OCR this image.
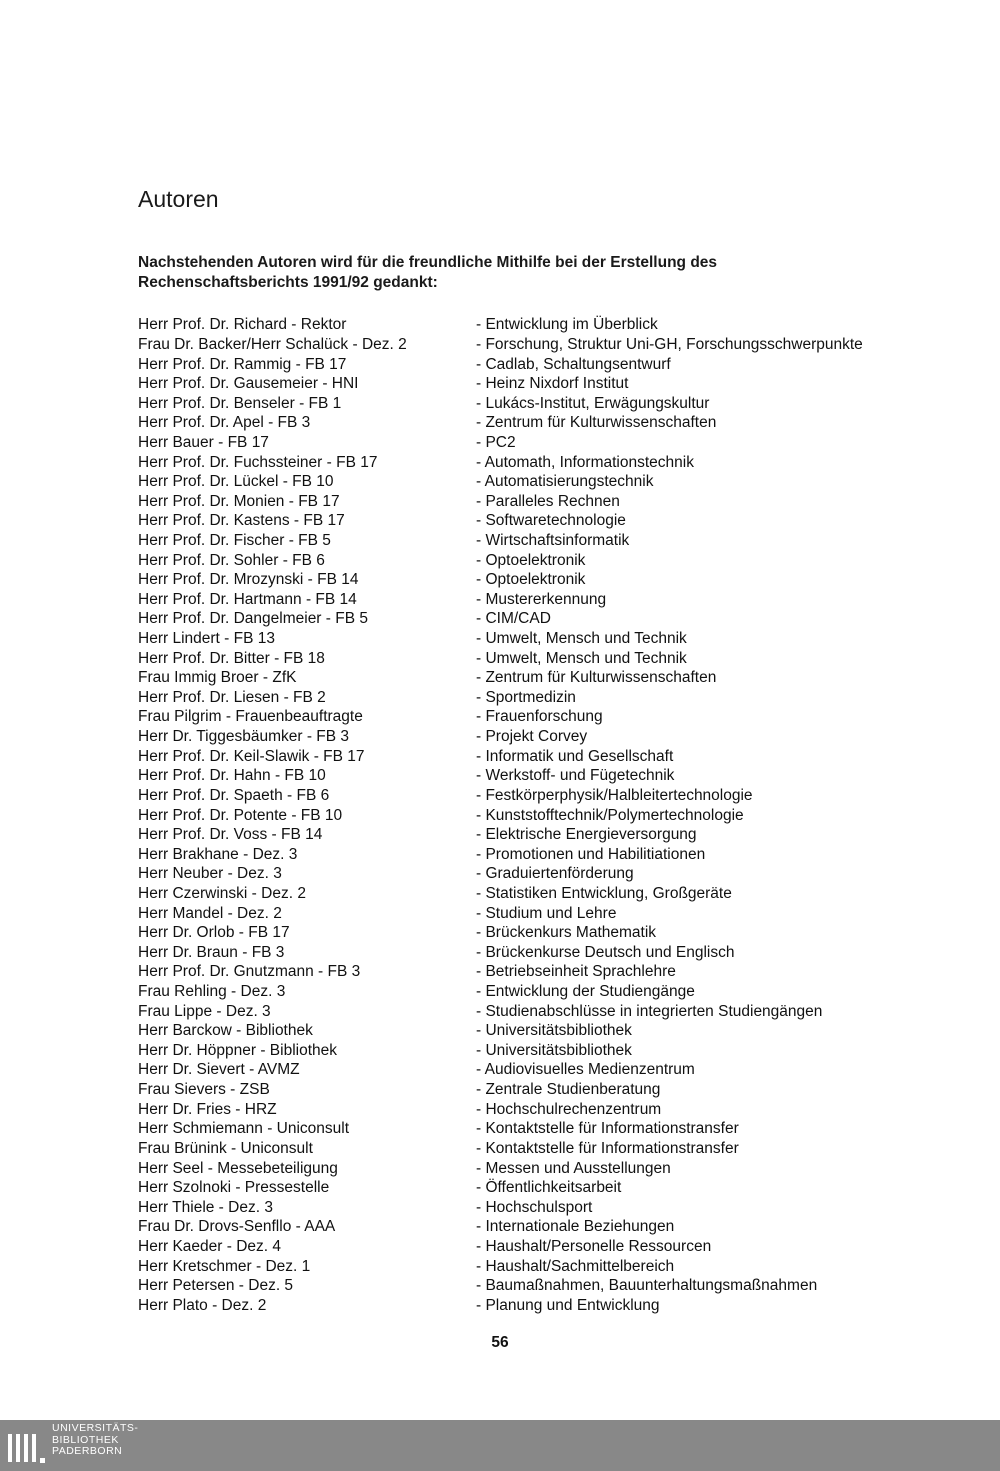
Autoren
Nachstehenden Autoren wird für die freundliche Mithilfe bei der Erstellung des Rechenschaftsberichts 1991/92 gedankt:
Herr Prof. Dr. Richard - Rektor	- Entwicklung im Überblick
Frau Dr. Backer/Herr Schalück - Dez. 2	- Forschung, Struktur Uni-GH, Forschungsschwerpunkte
Herr Prof. Dr. Rammig - FB 17	- Cadlab, Schaltungsentwurf
Herr Prof. Dr. Gausemeier - HNI	- Heinz Nixdorf Institut
Herr Prof. Dr. Benseler - FB 1	- Lukács-Institut, Erwägungskultur
Herr Prof. Dr. Apel - FB 3	- Zentrum für Kulturwissenschaften
Herr Bauer - FB 17	- PC2
Herr Prof. Dr. Fuchssteiner - FB 17	- Automath, Informationstechnik
Herr Prof. Dr. Lückel - FB 10	- Automatisierungstechnik
Herr Prof. Dr. Monien - FB 17	- Paralleles Rechnen
Herr Prof. Dr. Kastens - FB 17	- Softwaretechnologie
Herr Prof. Dr. Fischer - FB 5	- Wirtschaftsinformatik
Herr Prof. Dr. Sohler - FB 6	- Optoelektronik
Herr Prof. Dr. Mrozynski - FB 14	- Optoelektronik
Herr Prof. Dr. Hartmann - FB 14	- Mustererkennung
Herr Prof. Dr. Dangelmeier - FB 5	- CIM/CAD
Herr Lindert - FB 13	- Umwelt, Mensch und Technik
Herr Prof. Dr. Bitter - FB 18	- Umwelt, Mensch und Technik
Frau Immig Broer - ZfK	- Zentrum für Kulturwissenschaften
Herr Prof. Dr. Liesen - FB 2	- Sportmedizin
Frau Pilgrim - Frauenbeauftragte	- Frauenforschung
Herr Dr. Tiggesbäumker - FB 3	- Projekt Corvey
Herr Prof. Dr. Keil-Slawik - FB 17	- Informatik und Gesellschaft
Herr Prof. Dr. Hahn - FB 10	- Werkstoff- und Fügetechnik
Herr Prof. Dr. Spaeth - FB 6	- Festkörperphysik/Halbleitertechnologie
Herr Prof. Dr. Potente - FB 10	- Kunststofftechnik/Polymertechnologie
Herr Prof. Dr. Voss - FB 14	- Elektrische Energieversorgung
Herr Brakhane - Dez. 3	- Promotionen und Habilitiationen
Herr Neuber - Dez. 3	- Graduiertenförderung
Herr Czerwinski - Dez. 2	- Statistiken Entwicklung, Großgeräte
Herr Mandel - Dez. 2	- Studium und Lehre
Herr Dr. Orlob - FB 17	- Brückenkurs Mathematik
Herr Dr. Braun - FB 3	- Brückenkurse Deutsch und Englisch
Herr Prof. Dr. Gnutzmann - FB 3	- Betriebseinheit Sprachlehre
Frau Rehling - Dez. 3	- Entwicklung der Studiengänge
Frau Lippe - Dez. 3	- Studienabschlüsse in integrierten Studiengängen
Herr Barckow - Bibliothek	- Universitätsbibliothek
Herr Dr. Höppner - Bibliothek	- Universitätsbibliothek
Herr Dr. Sievert - AVMZ	- Audiovisuelles Medienzentrum
Frau Sievers - ZSB	- Zentrale Studienberatung
Herr Dr. Fries - HRZ	- Hochschulrechenzentrum
Herr Schmiemann - Uniconsult	- Kontaktstelle für Informationstransfer
Frau Brünink - Uniconsult	- Kontaktstelle für Informationstransfer
Herr Seel - Messebeteiligung	- Messen und Ausstellungen
Herr Szolnoki - Pressestelle	- Öffentlichkeitsarbeit
Herr Thiele - Dez. 3	- Hochschulsport
Frau Dr. Drovs-Senfllo - AAA	- Internationale Beziehungen
Herr Kaeder - Dez. 4	- Haushalt/Personelle Ressourcen
Herr Kretschmer - Dez. 1	- Haushalt/Sachmittelbereich
Herr Petersen - Dez. 5	- Baumaßnahmen, Bauunterhaltungsmaßnahmen
Herr Plato - Dez. 2	- Planung und Entwicklung
56
UNIVERSITÄTS-
BIBLIOTHEK
PADERBORN
